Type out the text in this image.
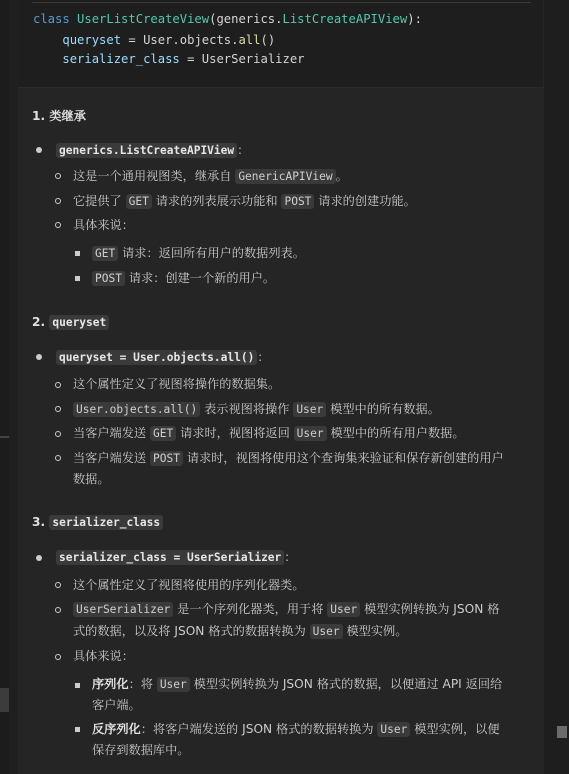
class UserListCreateView(generics.ListCreateAPIView):
queryset = User.objects.all()
serializer_class = UserSerializer
1. 类继承
generics.ListCreateAPIView ：
这是一个通用视图类，继承自 GenericAPIView 。
它提供了 GET 请求的列表展示功能和 POST 请求的创建功能。
具体来说：
GET 请求：返回所有用户的数据列表。
POST 请求：创建一个新的用户。
2. queryset
queryset = User.objects.all() ：
这个属性定义了视图将操作的数据集。
User.objects.all() 表示视图将操作 User 模型中的所有数据。
当客户端发送 GET 请求时，视图将返回 User 模型中的所有用户数据。
当客户端发送 POST 请求时，视图将使用这个查询集来验证和保存新创建的用户
数据。
3. serializer_class
serializer_class = UserSerializer ：
这个属性定义了视图将使用的序列化器类。
UserSerializer 是一个序列化器类，用于将 User 模型实例转换为 JSON 格
式的数据，以及将 JSON 格式的数据转换为 User 模型实例。
具体来说：
序列化：将 User 模型实例转换为 JSON 格式的数据，以便通过 API 返回给
客户端。
反序列化：将客户端发送的 JSON 格式的数据转换为 User 模型实例，以便
保存到数据库中。
